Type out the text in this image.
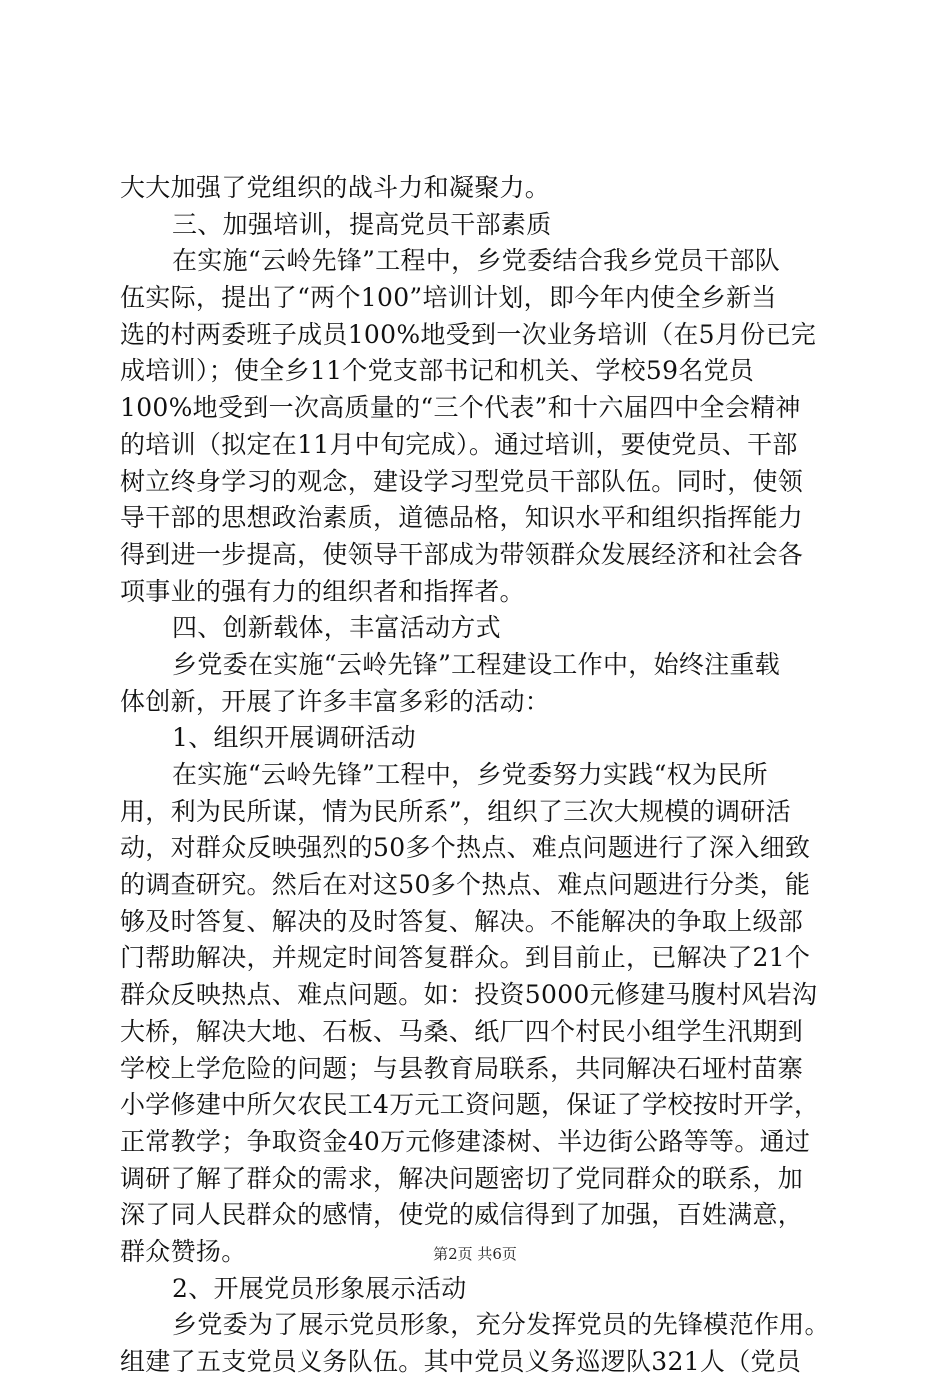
大大加强了党组织的战斗力和凝聚力。
三、加强培训，提高党员干部素质
在实施“云岭先锋”工程中，乡党委结合我乡党员干部队
伍实际，提出了“两个100”培训计划，即今年内使全乡新当
选的村两委班子成员100%地受到一次业务培训（在5月份已完
成培训）；使全乡11个党支部书记和机关、学校59名党员
100%地受到一次高质量的“三个代表”和十六届四中全会精神
的培训（拟定在11月中旬完成）。通过培训，要使党员、干部
树立终身学习的观念，建设学习型党员干部队伍。同时，使领
导干部的思想政治素质，道德品格，知识水平和组织指挥能力
得到进一步提高，使领导干部成为带领群众发展经济和社会各
项事业的强有力的组织者和指挥者。
四、创新载体，丰富活动方式
乡党委在实施“云岭先锋”工程建设工作中，始终注重载
体创新，开展了许多丰富多彩的活动：
1、组织开展调研活动
在实施“云岭先锋”工程中，乡党委努力实践“权为民所
用，利为民所谋，情为民所系”，组织了三次大规模的调研活
动，对群众反映强烈的50多个热点、难点问题进行了深入细致
的调查研究。然后在对这50多个热点、难点问题进行分类，能
够及时答复、解决的及时答复、解决。不能解决的争取上级部
门帮助解决，并规定时间答复群众。到目前止，已解决了21个
群众反映热点、难点问题。如：投资5000元修建马腹村风岩沟
大桥，解决大地、石板、马桑、纸厂四个村民小组学生汛期到
学校上学危险的问题；与县教育局联系，共同解决石垭村苗寨
小学修建中所欠农民工4万元工资问题，保证了学校按时开学，
正常教学；争取资金40万元修建漆树、半边街公路等等。通过
调研了解了群众的需求，解决问题密切了党同群众的联系，加
深了同人民群众的感情，使党的威信得到了加强，百姓满意，
群众赞扬。
2、开展党员形象展示活动
乡党委为了展示党员形象，充分发挥党员的先锋模范作用。
组建了五支党员义务队伍。其中党员义务巡逻队321人（党员
第2页 共6页
